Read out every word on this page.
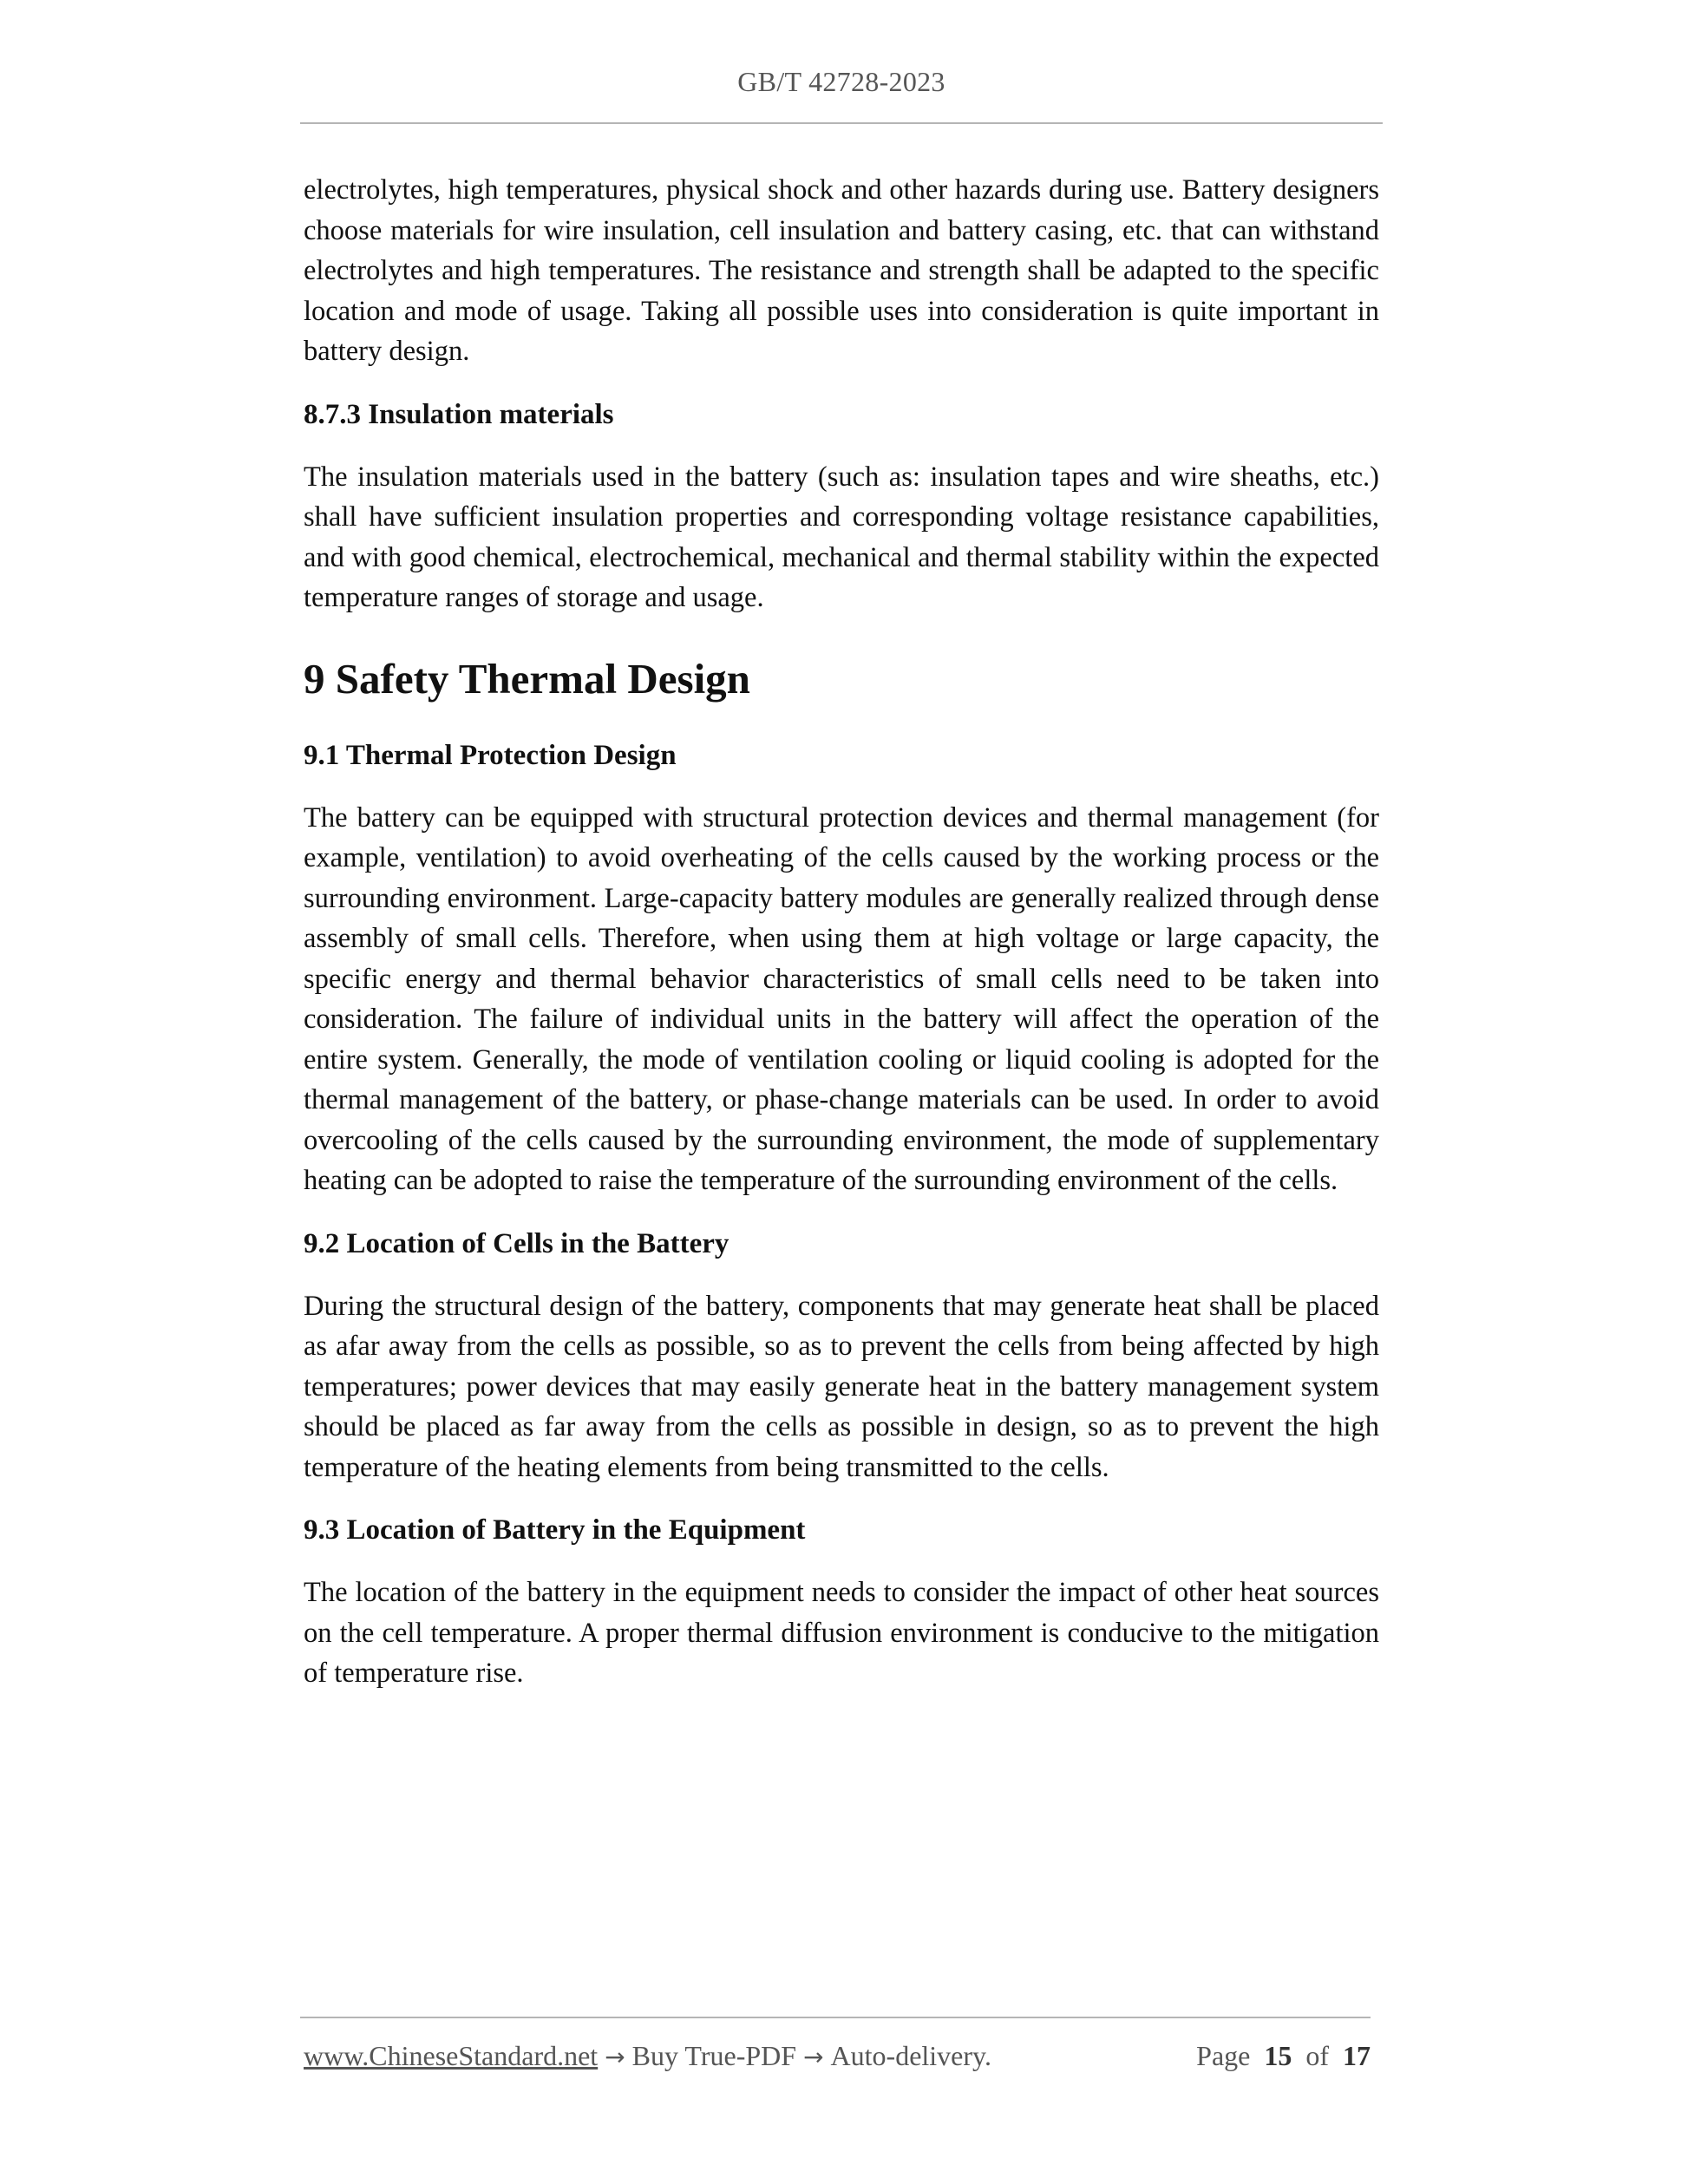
GB/T 42728-2023

electrolytes, high temperatures, physical shock and other hazards during use. Battery designers choose materials for wire insulation, cell insulation and battery casing, etc. that can withstand electrolytes and high temperatures. The resistance and strength shall be adapted to the specific location and mode of usage. Taking all possible uses into consideration is quite important in battery design.

8.7.3 Insulation materials

The insulation materials used in the battery (such as: insulation tapes and wire sheaths, etc.) shall have sufficient insulation properties and corresponding voltage resistance capabilities, and with good chemical, electrochemical, mechanical and thermal stability within the expected temperature ranges of storage and usage.

9 Safety Thermal Design

9.1 Thermal Protection Design

The battery can be equipped with structural protection devices and thermal management (for example, ventilation) to avoid overheating of the cells caused by the working process or the surrounding environment. Large-capacity battery modules are generally realized through dense assembly of small cells. Therefore, when using them at high voltage or large capacity, the specific energy and thermal behavior characteristics of small cells need to be taken into consideration. The failure of individual units in the battery will affect the operation of the entire system. Generally, the mode of ventilation cooling or liquid cooling is adopted for the thermal management of the battery, or phase-change materials can be used. In order to avoid overcooling of the cells caused by the surrounding environment, the mode of supplementary heating can be adopted to raise the temperature of the surrounding environment of the cells.

9.2 Location of Cells in the Battery

During the structural design of the battery, components that may generate heat shall be placed as afar away from the cells as possible, so as to prevent the cells from being affected by high temperatures; power devices that may easily generate heat in the battery management system should be placed as far away from the cells as possible in design, so as to prevent the high temperature of the heating elements from being transmitted to the cells.

9.3 Location of Battery in the Equipment

The location of the battery in the equipment needs to consider the impact of other heat sources on the cell temperature. A proper thermal diffusion environment is conducive to the mitigation of temperature rise.

www.ChineseStandard.net → Buy True-PDF → Auto-delivery.	Page 15 of 17
